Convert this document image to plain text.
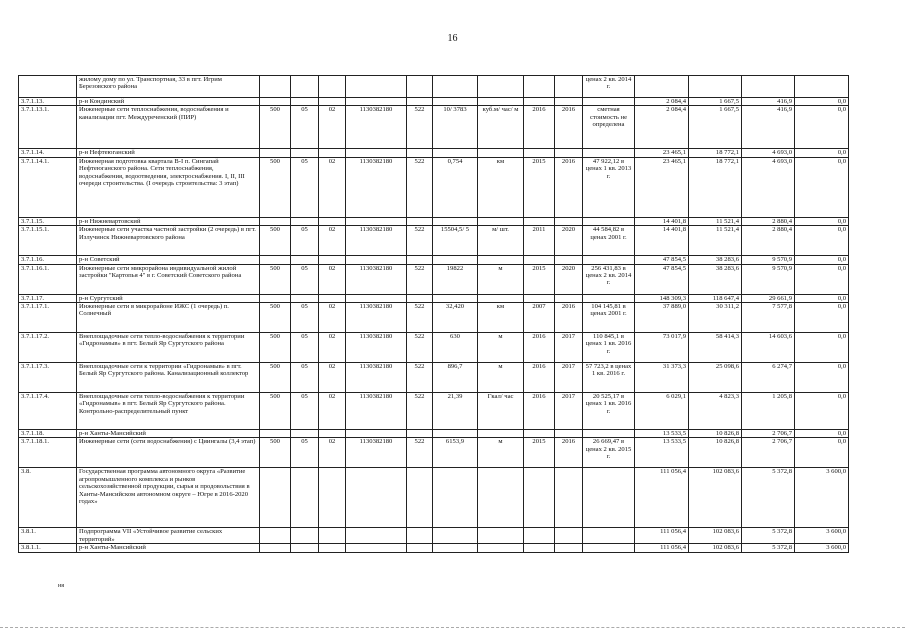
16
	жилому дому по ул. Транспортная, 33 в пгт. Игрим Березовского района										ценах 2 кв. 2014 г.				
3.7.1.13.	р-н Кондинский											2 084,4	1 667,5	416,9	0,0
3.7.1.13.1.	Инженерные сети теплоснабжения, водоснабжения и канализации пгт. Междуреченский (ПИР)	500	05	02	1130382180	522	10/ 3783	куб.м/ час/ м	2016	2016	сметная стоимость не определена	2 084,4	1 667,5	416,9	0,0
3.7.1.14.	р-н Нефтеюганский											23 465,1	18 772,1	4 693,0	0,0
3.7.1.14.1.	Инженерная подготовка квартала В-I п. Сингапай Нефтеюганского района. Сети теплоснабжения, водоснабжения, водоотведения, электроснабжения. I, II, III очереди строительства. (I очередь строительства: 3 этап)	500	05	02	1130382180	522	0,754	км	2015	2016	47 922,12 в ценах 1 кв. 2013 г.	23 465,1	18 772,1	4 693,0	0,0
3.7.1.15.	р-н Нижневартовский											14 401,8	11 521,4	2 880,4	0,0
3.7.1.15.1.	Инженерные сети участка частной застройки (2 очередь) в пгт. Излучинск Нижневартовского района	500	05	02	1130382180	522	15504,5/ 5	м/ шт.	2011	2020	44 584,82 в ценах 2001 г.	14 401,8	11 521,4	2 880,4	0,0
3.7.1.16.	р-н Советский											47 854,5	38 283,6	9 570,9	0,0
3.7.1.16.1.	Инженерные сети микрорайона индивидуальной жилой застройки "Картопья 4" в г. Советский Советского района	500	05	02	1130382180	522	19822	м	2015	2020	256 431,83 в ценах 2 кв. 2014 г.	47 854,5	38 283,6	9 570,9	0,0
3.7.1.17.	р-н Сургутский											148 309,3	118 647,4	29 661,9	0,0
3.7.1.17.1.	Инженерные сети в микрорайоне ИЖС (1 очередь) п. Солнечный	500	05	02	1130382180	522	32,420	км	2007	2016	104 145,81 в ценах 2001 г.	37 889,0	30 311,2	7 577,8	0,0
3.7.1.17.2.	Внеплощадочные сети тепло-водоснабжения к территории «Гидронамыв» в пгт. Белый Яр Сургутского района	500	05	02	1130382180	522	630	м	2016	2017	110 845,1 в ценах 1 кв. 2016 г.	73 017,9	58 414,3	14 603,6	0,0
3.7.1.17.3.	Внеплощадочные сети к территории «Гидронамыв» в пгт. Белый Яр Сургутского района. Канализационный коллектор	500	05	02	1130382180	522	896,7	м	2016	2017	57 723,2 в ценах 1 кв. 2016 г.	31 373,3	25 098,6	6 274,7	0,0
3.7.1.17.4.	Внеплощадочные сети тепло-водоснабжения к территории «Гидронамыв» в пгт. Белый Яр Сургутского района. Контрольно-распределительный пункт	500	05	02	1130382180	522	21,39	Гкал/ час	2016	2017	20 525,17 в ценах 1 кв. 2016 г.	6 029,1	4 823,3	1 205,8	0,0
3.7.1.18.	р-н Ханты-Мансийский											13 533,5	10 826,8	2 706,7	0,0
3.7.1.18.1.	Инженерные сети (сети водоснабжения) с Циингалы (3,4 этап)	500	05	02	1130382180	522	6153,9	м	2015	2016	26 669,47 в ценах 2 кв. 2015 г.	13 533,5	10 826,8	2 706,7	0,0
3.8.	Государственная программа автономного округа «Развитие агропромышленного комплекса и рынков сельскохозяйственной продукции, сырья и продовольствия в Ханты-Мансийском автономном округе – Югре в 2016-2020 годах»											111 056,4	102 083,6	5 372,8	3 600,0
3.8.1.	Подпрограмма VII «Устойчивое развитие сельских территорий»											111 056,4	102 083,6	5 372,8	3 600,0
3.8.1.1.	р-н Ханты-Мансийский											111 056,4	102 083,6	5 372,8	3 600,0
ня
